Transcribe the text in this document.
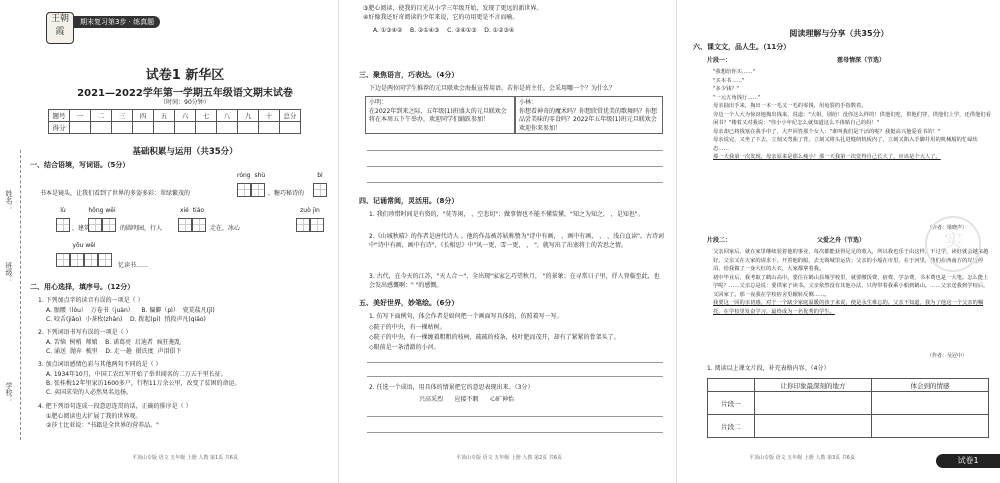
王朝霞
期末复习第3步 · 练真题
姓名：
班级：
学校：
试卷1 新华区
2021—2022学年第一学期五年级语文期末试卷
（时间：90分钟）
题号	一	二	三	四	五	六	七	八	九	十	总分
得分											
基础积累与运用（共35分）
一、结合语境，写词语。（5分）
róng shù	bì
书本是镜头，让我们看到了世界的多姿多彩：翠绿繁茂的	，糖巧秘诗的
lù	hǒng wěi	xié tiáo	zuò jìn
，建筑	的圆明园，行人	走在，冰心
yǒu wěi
忆读书……
二、用心选择，填序号。（12分）
1. 下列加点字的读音有误的一项是（ ）
A. 骷髅（lóu） 万卷书（juàn） B. 偏僻（pì） 瓷荒盐凡(jǐ)
C. 咬舌(jiǎo) 小茶枚(zhān) D. 拨起(pí) 悄段声凡(qiāo)
2. 下列词语书写有误的一项是（ ）
A. 苦恼 树梢 师娘 B. 诺葛亮 启迪者 疯狂拖乱
C. 涌送 抛弃 梳里 D. 走一趟 摄氏度 声泪俱下
3. 加点词语感情色彩与其他两句不同的是（ ）
A. 1934年10月，中国工农红军开始了举世闻名的二万五千里长征。
B. 张桂梅12年里家访1600多户，行程11万余公里，改变了贫困的命运。
C. 卖国求荣的人必然臭名远扬。
4. 把下列语句连成一段意思连贯的话，正确的排序是（ ）
①肥心阅读也大扩展了我的世界观。
②莎士比亚说："书籍是全世界的营养品。"
平顶山专版 语文 五年级 上册 人教 第1页 共6页
③肥心阅读，使我的目光从小学三年级开始，发现了更远的新世界。
④好像我还好奇阅读的少年来说，它的功用更是不言而喻。
A. ①③④② B. ②①④③ C. ②④①③ D. ①②③④
三、聚焦语言，巧表达。（4分）
下边是两位同学生推荐的元旦联欢会海报宣传用语。若你是班主任，会采用哪一个？为什么？
小明：
在2022年到来之际，五年级(1)班盛大的元旦联欢会将在本周五下午举办，欢迎同学们踊跃参加！
小林：
你想看神奇的魔术吗？你想欣赏优美的歌舞吗？你想品尝美味的零食吗？2022年五年级(1)班元旦联欢会欢迎你来参加！
四、记诵常阅，灵活用。（8分）
1. 我们珍惜时间是有资的，"莫等闲， ，空悲切"；做事情也不能不懂装懂，"知之为知之， ，是知也"。
2.《山城秋晴》的作者是唐代诗人 。他的作品被苏轼称赞为"诗中有画， ，画中有画， ， ，浅白直读"。古诗词中"诗中有画，画中有诗"，《长相思》中"风一更，雪一更， ， "，就写出了出塞将士的苦思之情。
3. 古代，在今天的江苏，"天人合一"，全出现"家家乞巧望秋月， "的景象；在寻常日子里，抒人登临至此，也会发出感慨啊：" "的感慨。
五、美好世界，妙笔绘。（6分）
1. 仿写下面例句，体会作者是如何把一个画面写具体的，仿照着写一写。
◇院子的中央，有一棵枯树。
◇院子的中央，有一棵缠着粗粗的枝柯，疏疏的枝条，枝叶肥而茂开，却有了紧紧的骨架头了。
◇眼前是一条清澈的小河。
2. 任选一个成语，用具体的情景把它的意思表现出来。（3分）
兴高采烈 应接不暇 心旷神怡
平顶山专版 语文 五年级 上册 人教 第2页 共6页
阅读理解与分享（共35分）
六、课文文，品人生。（11分）
片段一：	慈母情深（节选）
"我想给你买……"
"买本书……"
"多少钱？"
"一元五角钱行……"
母亲抽出手来，掏出一本一毛又一毛的零钱，用龟裂的手指数着。
旁边一个人大为惊讶地掏出钱来，说道："大姐，别给！没你这么样的！供他们吃，供他们穿，供他们上学，还供他们看闲书？"楼着又对我说："你小小年纪怎么就知道这么不体贴自己的妈！"
母亲却已将钱塞在我手中了，大声回答那个女人："谁叫我们是干活的呢？我挺高兴他爱看书的！"
母亲说完，又坐了下去，立刻又弯曲了背，立刻又将头扎进缝纫机板内了，立刻又陷入手脚并用的机械般的忙碌状态……
那一天我第一次发现，母亲原来是那么瘦小！那一天我第一次觉得自己长大了，应该是个大人了。
（作者：梁晓声）
片段二：	父爱之舟（节选）
父亲回家后，就在家里继续装着他的事业，每次都能获得足足的收入，所以我也乐于由这样，不过学，读好就会越来越好。父亲又在大家的请求下，开着他的船，去无锡城里运货；父亲的小船在市里，在于河里，我们在西南方的岸边停泊，给我做了一身大红的大衣，大家都拿着我。
初中毕业后，我考取了鹤山高中。要住在鹤山县城学校里，就要缴饭费、宿费、学杂费，书本费也是一大笔。怎么能上学呢？……父亲总是说：要供家子读书。父亲依然没有其他办法，只得带着我乘小船到鹤山。……父亲送我到学校后，又回家了。那一夜我在学校宿舍里辗转反侧……。
我要这一回的亲切感，对于一个缺少家庭温暖的孩子来说，便是永生难忘的。父亲不知道，我为了他这一个父亲的嘱托，在学校里发奋学习，最终成为一名优秀的学生。
（作者：吴冠中）
1. 阅读以上课文片段，补充表格内容。（4分）
	让你印象最深刻的地方	体会到的情感
片段一		
片段二		
平顶山专版 语文 五年级 上册 人教 第3页 共6页
实
试卷1
